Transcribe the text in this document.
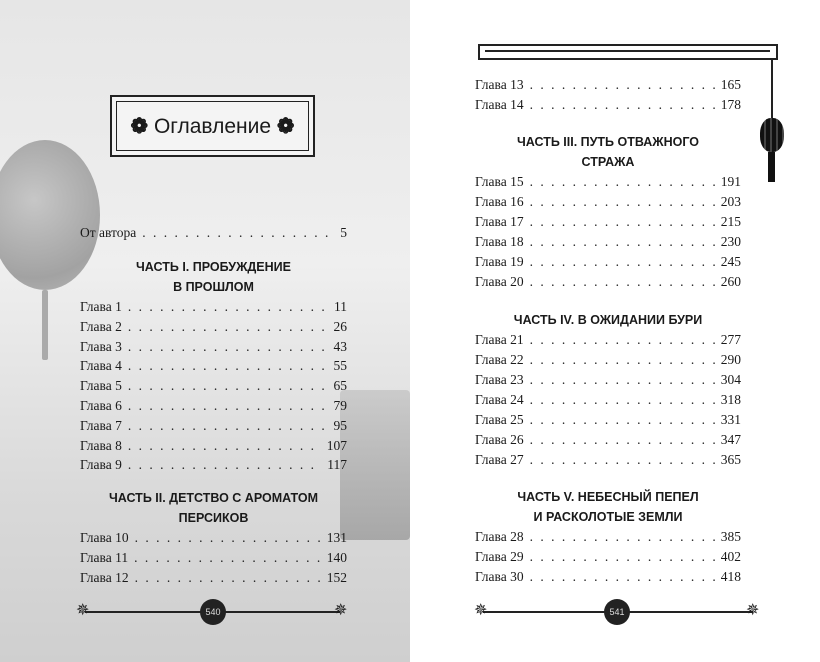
❁ Оглавление ❁
От автора . . .	5
ЧАСТЬ I. ПРОБУЖДЕНИЕ
В ПРОШЛОМ
Глава 1 . . .	11
Глава 2 . . .	26
Глава 3 . . .	43
Глава 4 . . .	55
Глава 5 . . .	65
Глава 6 . . .	79
Глава 7 . . .	95
Глава 8 . . .	107
Глава 9 . . .	117
ЧАСТЬ II. ДЕТСТВО С АРОМАТОМ
ПЕРСИКОВ
Глава 10 . . .	131
Глава 11 . . .	140
Глава 12 . . .	152
✵	✵
540
Глава 13 . . .	165
Глава 14 . . .	178
ЧАСТЬ III. ПУТЬ ОТВАЖНОГО
СТРАЖА
Глава 15 . . .	191
Глава 16 . . .	203
Глава 17 . . .	215
Глава 18 . . .	230
Глава 19 . . .	245
Глава 20 . . .	260
ЧАСТЬ IV. В ОЖИДАНИИ БУРИ
Глава 21 . . .	277
Глава 22 . . .	290
Глава 23 . . .	304
Глава 24 . . .	318
Глава 25 . . .	331
Глава 26 . . .	347
Глава 27 . . .	365
ЧАСТЬ V. НЕБЕСНЫЙ ПЕПЕЛ
И РАСКОЛОТЫЕ ЗЕМЛИ
Глава 28 . . .	385
Глава 29 . . .	402
Глава 30 . . .	418
✵	✵
541
